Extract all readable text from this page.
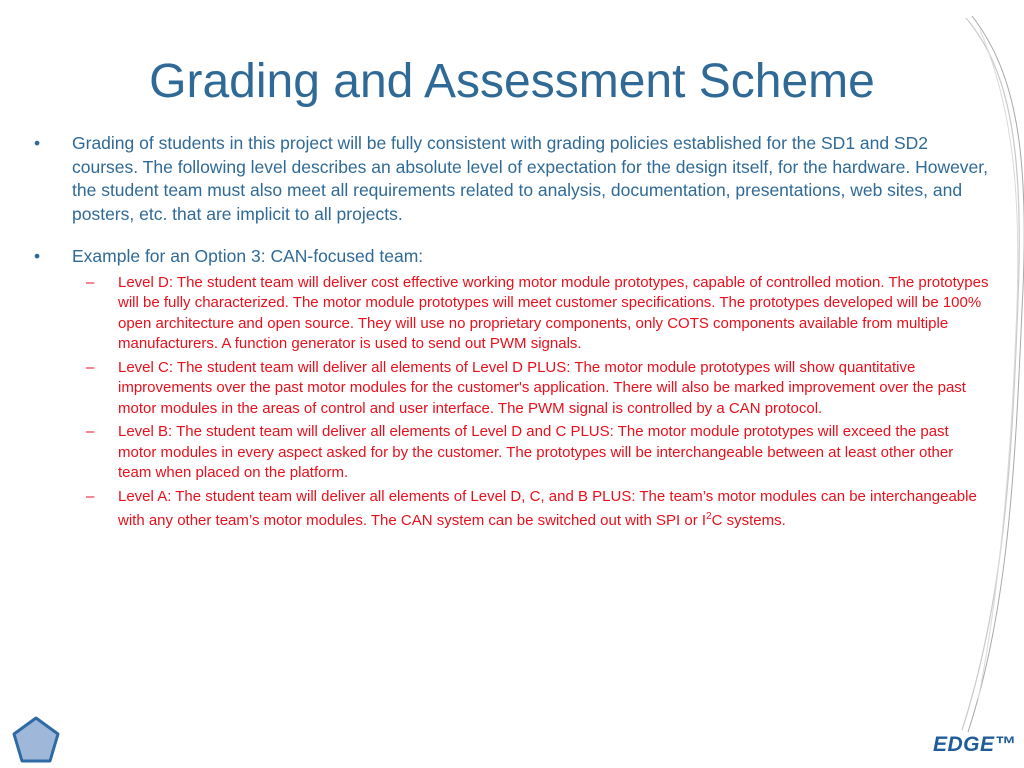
Grading and Assessment Scheme
• Grading of students in this project will be fully consistent with grading policies established for the SD1 and SD2 courses. The following level describes an absolute level of expectation for the design itself, for the hardware. However, the student team must also meet all requirements related to analysis, documentation, presentations, web sites, and posters, etc. that are implicit to all projects.
• Example for an Option 3: CAN-focused team:
– Level D: The student team will deliver cost effective working motor module prototypes, capable of controlled motion. The prototypes will be fully characterized. The motor module prototypes will meet customer specifications. The prototypes developed will be 100% open architecture and open source. They will use no proprietary components, only COTS components available from multiple manufacturers. A function generator is used to send out PWM signals.
– Level C: The student team will deliver all elements of Level D PLUS: The motor module prototypes will show quantitative improvements over the past motor modules for the customer's application. There will also be marked improvement over the past motor modules in the areas of control and user interface. The PWM signal is controlled by a CAN protocol.
– Level B: The student team will deliver all elements of Level D and C PLUS: The motor module prototypes will exceed the past motor modules in every aspect asked for by the customer. The prototypes will be interchangeable between at least other other team when placed on the platform.
– Level A: The student team will deliver all elements of Level D, C, and B PLUS: The team’s motor modules can be interchangeable with any other team’s motor modules. The CAN system can be switched out with SPI or $I^2C$ systems.
EDGE™
